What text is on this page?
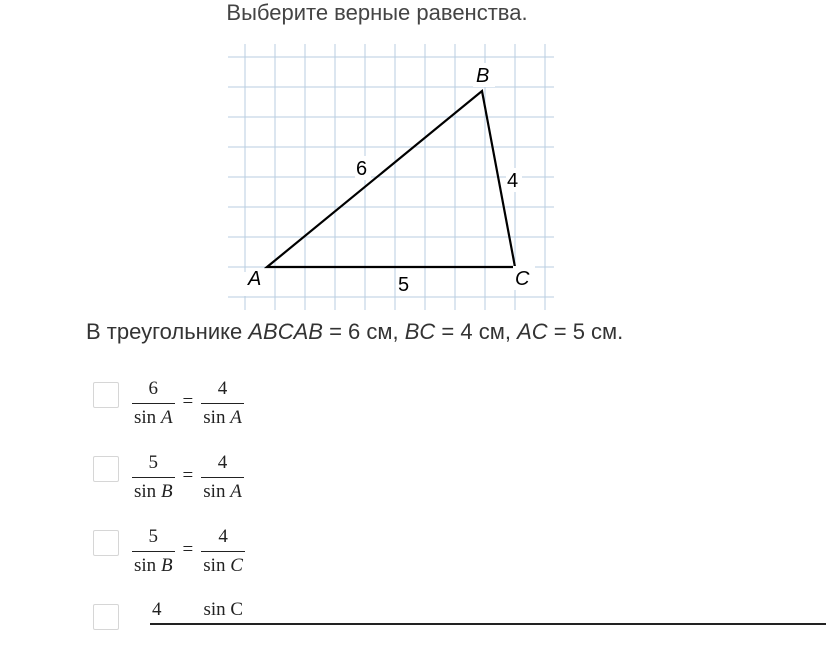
Выберите верные равенства.
A
B
C
6
4
5
В треугольнике ABCAB = 6 см, BC = 4 см, AC = 5 см.
$\frac{6}{\text{sin A}} = \frac{4}{\text{sin A}}$
$\frac{5}{\text{sin B}} = \frac{4}{\text{sin A}}$
$\frac{5}{\text{sin B}} = \frac{4}{\text{sin C}}$
4 sin C
